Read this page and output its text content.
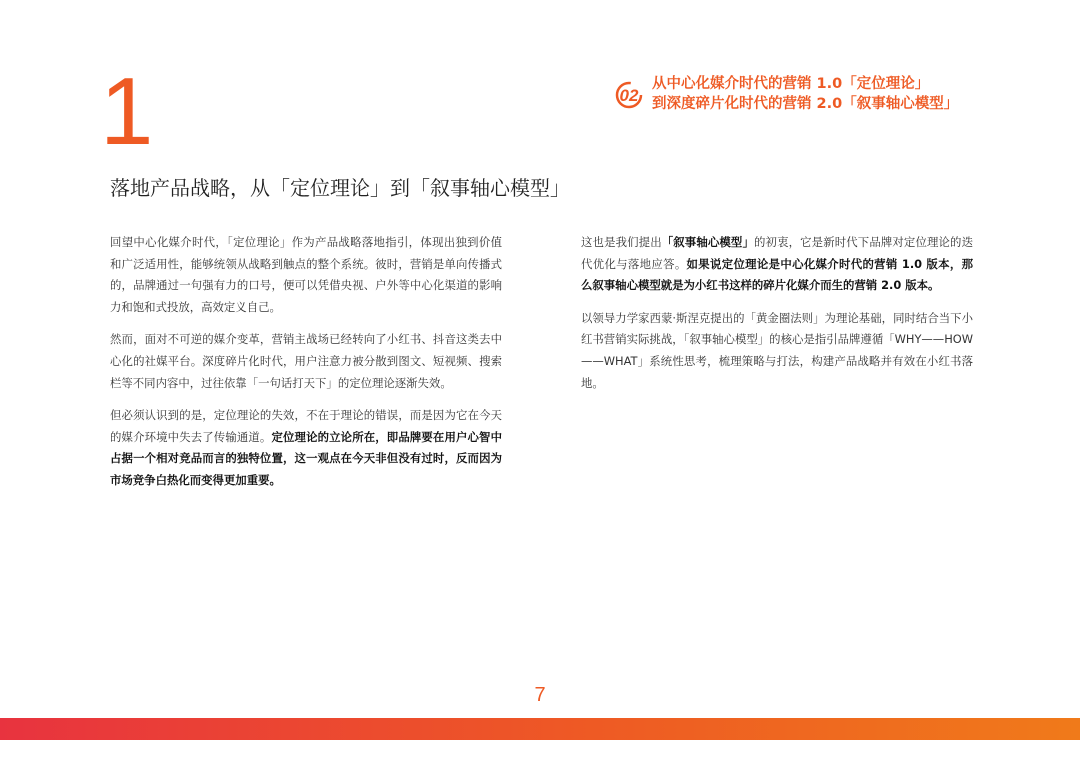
1	02
从中心化媒介时代的营销 1.0「定位理论」
到深度碎片化时代的营销 2.0「叙事轴心模型」
落地产品战略，从「定位理论」到「叙事轴心模型」

回望中心化媒介时代，「定位理论」作为产品战略落地指引，体现出独到价值和广泛适用性，能够统领从战略到触点的整个系统。彼时，营销是单向传播式的，品牌通过一句强有力的口号，便可以凭借央视、户外等中心化渠道的影响力和饱和式投放，高效定义自己。

然而，面对不可逆的媒介变革，营销主战场已经转向了小红书、抖音这类去中心化的社媒平台。深度碎片化时代，用户注意力被分散到图文、短视频、搜索栏等不同内容中，过往依靠「一句话打天下」的定位理论逐渐失效。

但必须认识到的是，定位理论的失效，不在于理论的错误，而是因为它在今天的媒介环境中失去了传输通道。定位理论的立论所在，即品牌要在用户心智中占据一个相对竞品而言的独特位置，这一观点在今天非但没有过时，反而因为市场竞争白热化而变得更加重要。

这也是我们提出「叙事轴心模型」的初衷，它是新时代下品牌对定位理论的迭代优化与落地应答。如果说定位理论是中心化媒介时代的营销 1.0 版本，那么叙事轴心模型就是为小红书这样的碎片化媒介而生的营销 2.0 版本。

以领导力学家西蒙·斯涅克提出的「黄金圈法则」为理论基础，同时结合当下小红书营销实际挑战，「叙事轴心模型」的核心是指引品牌遵循「WHY——HOW——WHAT」系统性思考，梳理策略与打法，构建产品战略并有效在小红书落地。

7
